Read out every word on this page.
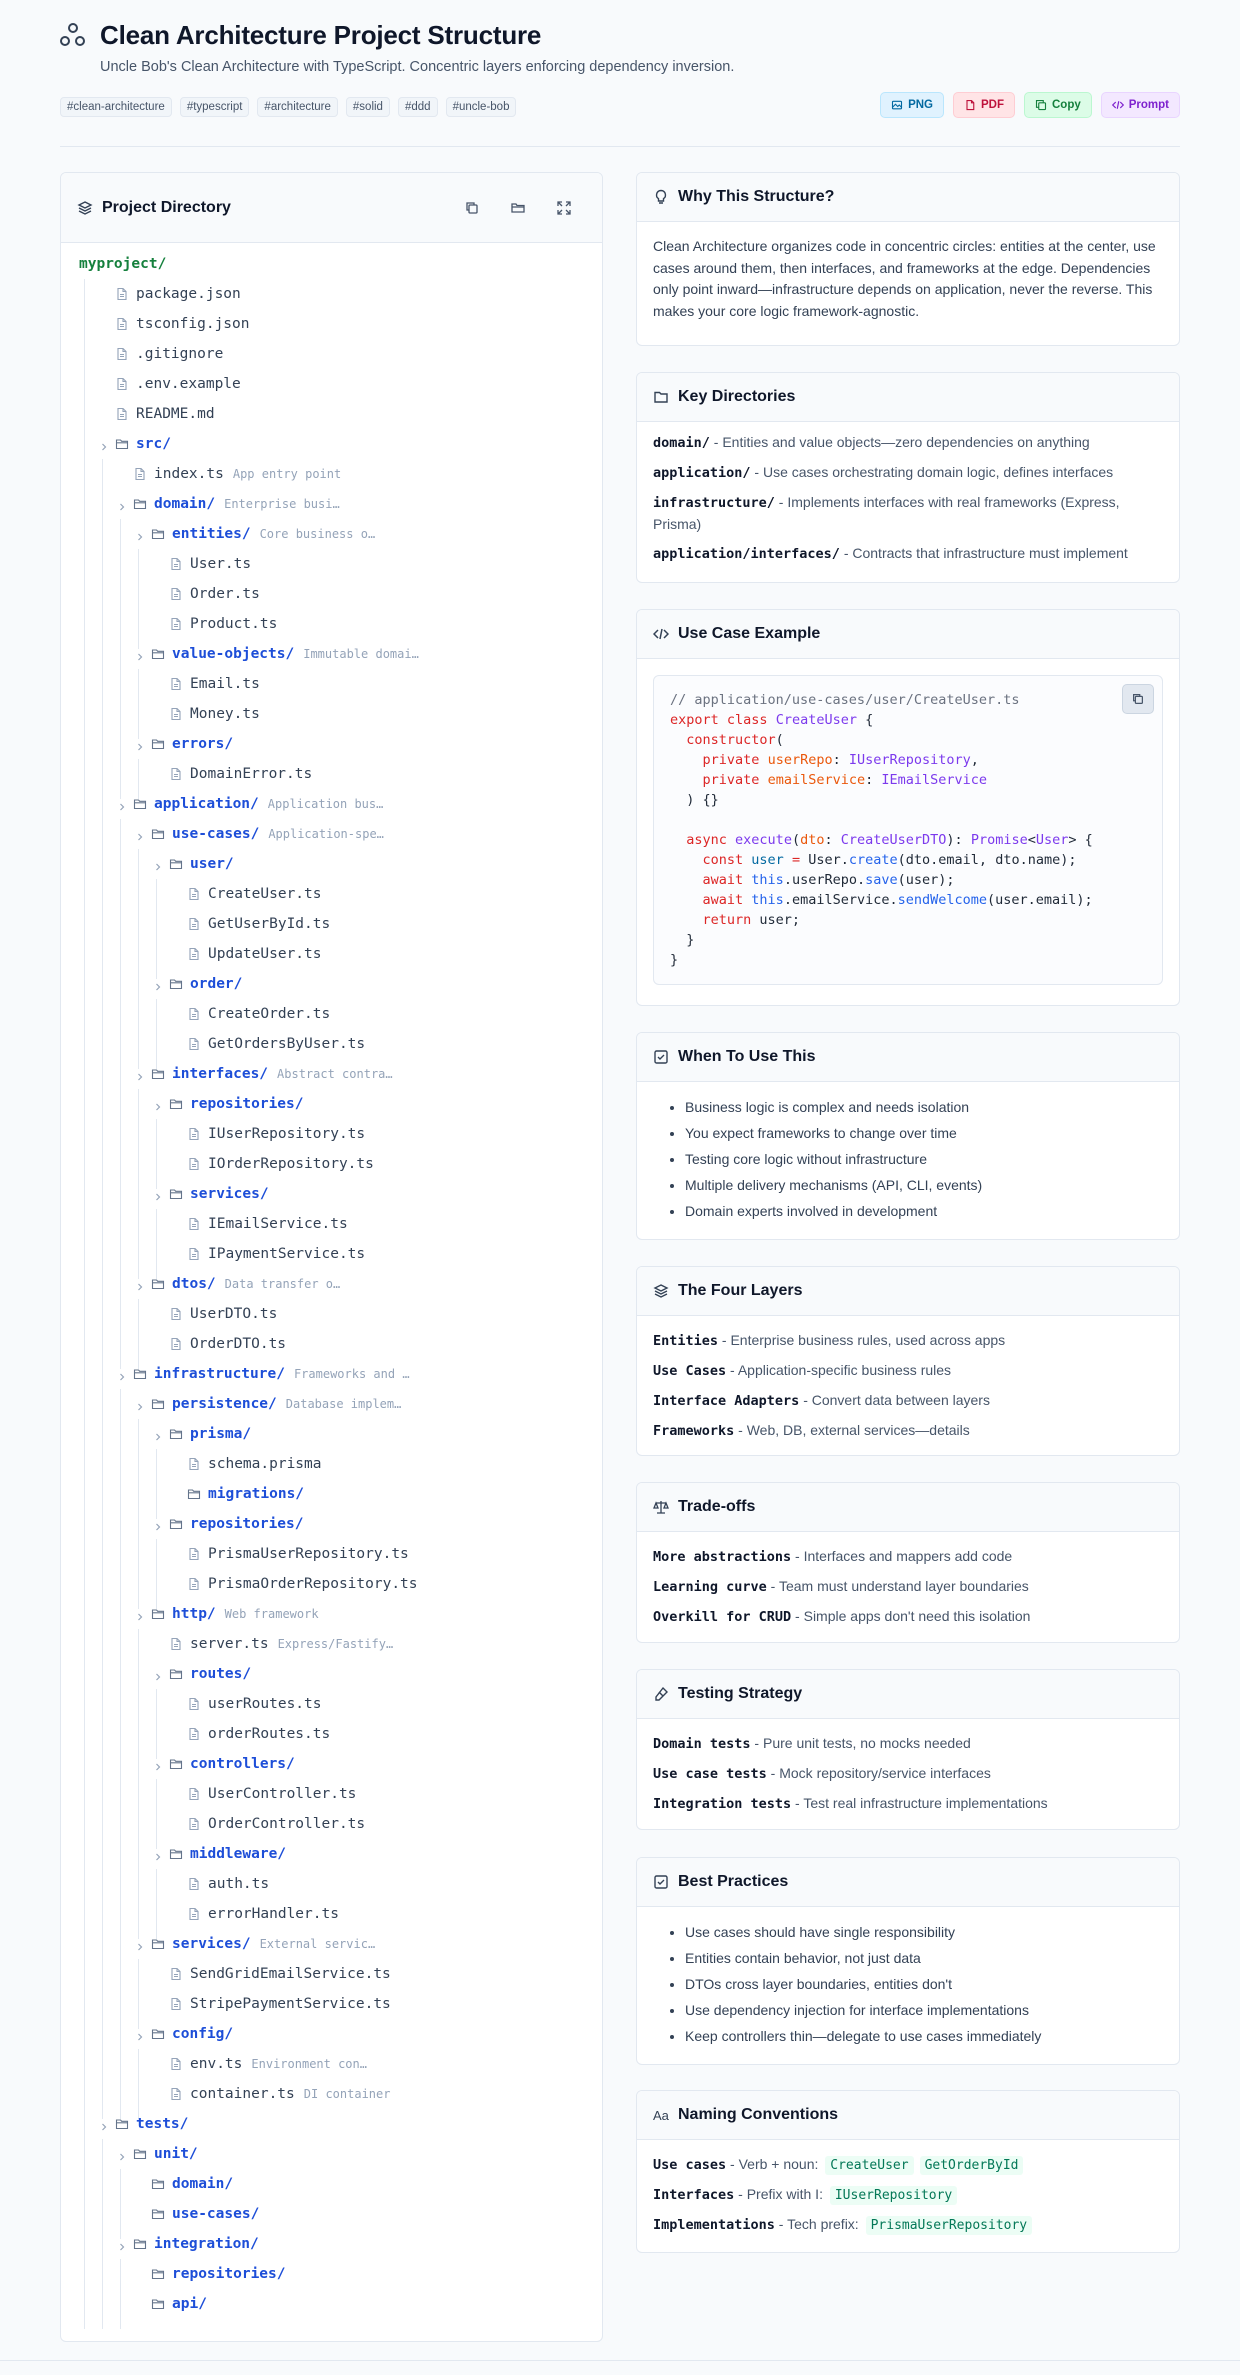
Clean Architecture Project Structure
Uncle Bob's Clean Architecture with TypeScript. Concentric layers enforcing dependency inversion.
#clean-architecture	#typescript	#architecture	#solid	#ddd	#uncle-bob	PNG	PDF	Copy	Prompt
Project Directory
myproject/
package.json
tsconfig.json
.gitignore
.env.example
README.md
src/
index.ts App entry point
domain/ Enterprise busi…
entities/ Core business o…
User.ts
Order.ts
Product.ts
value-objects/ Immutable domai…
Email.ts
Money.ts
errors/
DomainError.ts
application/ Application bus…
use-cases/ Application-spe…
user/
CreateUser.ts
GetUserById.ts
UpdateUser.ts
order/
CreateOrder.ts
GetOrdersByUser.ts
interfaces/ Abstract contra…
repositories/
IUserRepository.ts
IOrderRepository.ts
services/
IEmailService.ts
IPaymentService.ts
dtos/ Data transfer o…
UserDTO.ts
OrderDTO.ts
infrastructure/ Frameworks and …
persistence/ Database implem…
prisma/
schema.prisma
migrations/
repositories/
PrismaUserRepository.ts
PrismaOrderRepository.ts
http/ Web framework
server.ts Express/Fastify…
routes/
userRoutes.ts
orderRoutes.ts
controllers/
UserController.ts
OrderController.ts
middleware/
auth.ts
errorHandler.ts
services/ External servic…
SendGridEmailService.ts
StripePaymentService.ts
config/
env.ts Environment con…
container.ts DI container
tests/
unit/
domain/
use-cases/
integration/
repositories/
api/
Why This Structure?
Clean Architecture organizes code in concentric circles: entities at the center, use cases around them, then interfaces, and frameworks at the edge. Dependencies only point inward—infrastructure depends on application, never the reverse. This makes your core logic framework-agnostic.
Key Directories
domain/ - Entities and value objects—zero dependencies on anything
application/ - Use cases orchestrating domain logic, defines interfaces
infrastructure/ - Implements interfaces with real frameworks (Express, Prisma)
application/interfaces/ - Contracts that infrastructure must implement
Use Case Example
// application/use-cases/user/CreateUser.ts
export class CreateUser {
constructor(
private userRepo: IUserRepository,
private emailService: IEmailService
) {}

async execute(dto: CreateUserDTO): Promise<User> {
const user = User.create(dto.email, dto.name);
await this.userRepo.save(user);
await this.emailService.sendWelcome(user.email);
return user;
}
}
When To Use This
• Business logic is complex and needs isolation
• You expect frameworks to change over time
• Testing core logic without infrastructure
• Multiple delivery mechanisms (API, CLI, events)
• Domain experts involved in development
The Four Layers
Entities - Enterprise business rules, used across apps
Use Cases - Application-specific business rules
Interface Adapters - Convert data between layers
Frameworks - Web, DB, external services—details
Trade-offs
More abstractions - Interfaces and mappers add code
Learning curve - Team must understand layer boundaries
Overkill for CRUD - Simple apps don't need this isolation
Testing Strategy
Domain tests - Pure unit tests, no mocks needed
Use case tests - Mock repository/service interfaces
Integration tests - Test real infrastructure implementations
Best Practices
• Use cases should have single responsibility
• Entities contain behavior, not just data
• DTOs cross layer boundaries, entities don't
• Use dependency injection for interface implementations
• Keep controllers thin—delegate to use cases immediately
Aa Naming Conventions
Use cases - Verb + noun: CreateUser GetOrderById
Interfaces - Prefix with I: IUserRepository
Implementations - Tech prefix: PrismaUserRepository
